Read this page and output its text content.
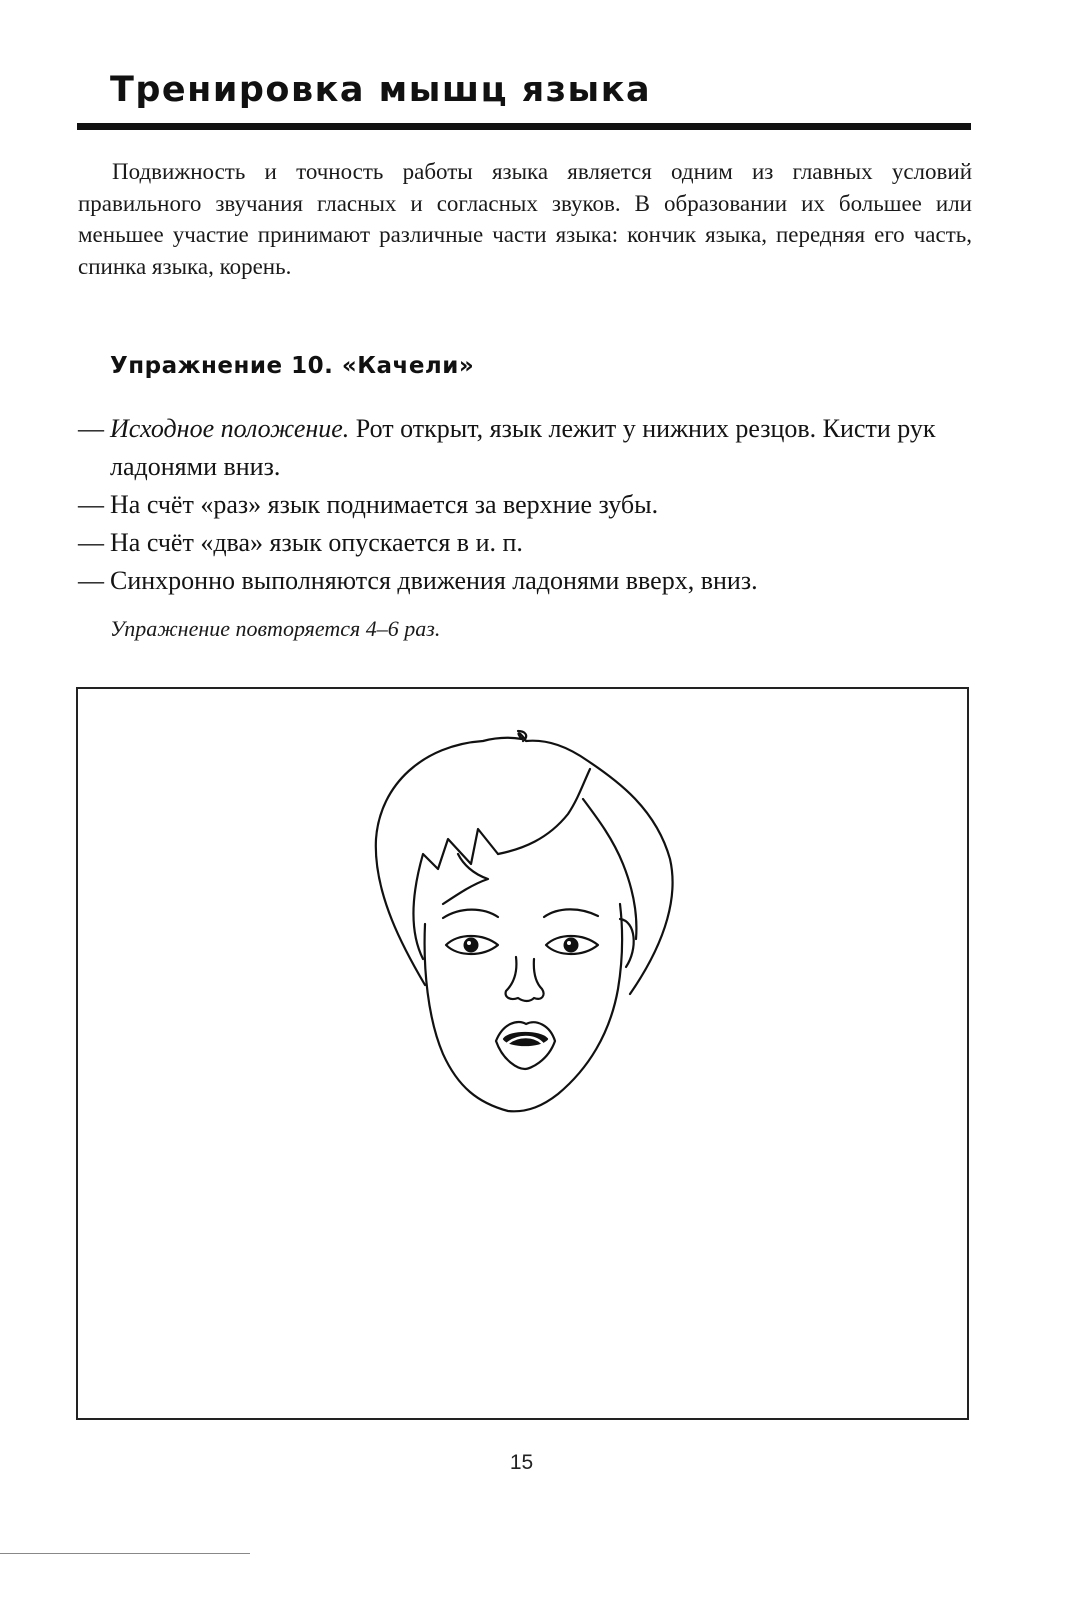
Тренировка мышц языка

Подвижность и точность работы языка является одним из главных условий правильного звучания гласных и согласных звуков. В образовании их большее или меньшее участие принимают различные части языка: кончик языка, передняя его часть, спинка языка, корень.

Упражнение 10. «Качели»
— Исходное положение. Рот открыт, язык лежит у нижних резцов. Кисти рук ладонями вниз.
— На счёт «раз» язык поднимается за верхние зубы.
— На счёт «два» язык опускается в и. п.
— Синхронно выполняются движения ладонями вверх, вниз.

Упражнение повторяется 4–6 раз.

15
